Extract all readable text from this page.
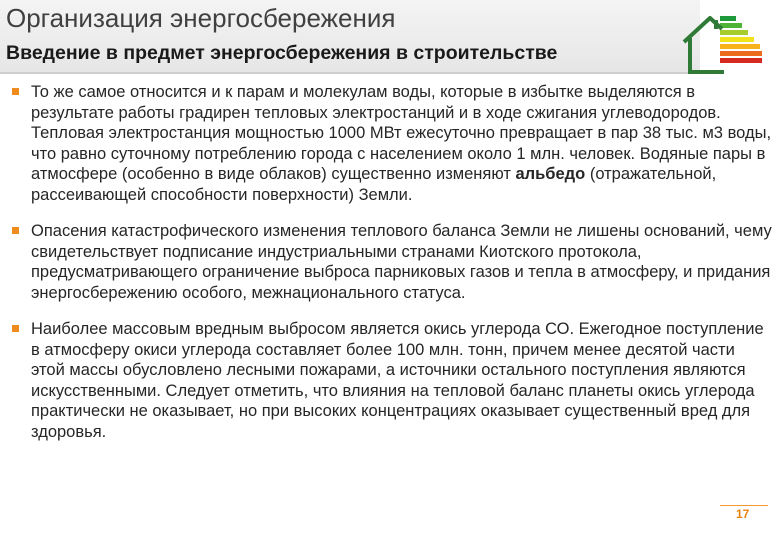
Организация энергосбережения
Введение в предмет энергосбережения в строительстве
То же самое относится и к парам и молекулам воды, которые в избытке выделяются в результате работы градирен тепловых электростанций и в ходе сжигания углеводородов. Тепловая электростанция мощностью 1000 МВт ежесуточно превращает в пар 38 тыс. м3 воды, что равно суточному потреблению города с населением около 1 млн. человек. Водяные пары в атмосфере (особенно в виде облаков) существенно изменяют альбедо (отражательной, рассеивающей способности поверхности) Земли.
Опасения катастрофического изменения теплового баланса Земли не лишены оснований, чему свидетельствует подписание индустриальными странами Киотского протокола, предусматривающего ограничение выброса парниковых газов и тепла в атмосферу, и придания энергосбережению особого, межнационального статуса.
Наиболее массовым вредным выбросом является окись углерода СО. Ежегодное поступление в атмосферу окиси углерода составляет более 100 млн. тонн, причем менее десятой части этой массы обусловлено лесными пожарами, а источники остального поступления являются искусственными. Следует отметить, что влияния на тепловой баланс планеты окись углерода практически не оказывает, но при высоких концентрациях оказывает существенный вред для здоровья.
17
